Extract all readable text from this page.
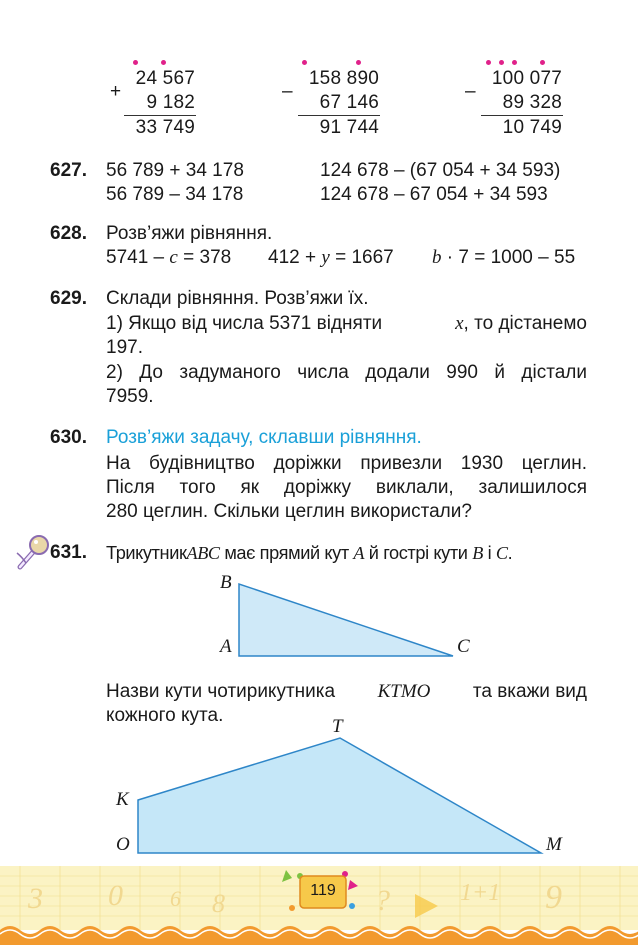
+
24 567
9 182
33 749
–
158 890
67 146
91 744
–
100 077
89 328
10 749
627. 56 789 + 34 178
56 789 – 34 178
124 678 – (67 054 + 34 593)
124 678 – 67 054 + 34 593
628. Розв’яжи рівняння.
5741 – c = 378 412 + y = 1667 b · 7 = 1000 – 55
629. Склади рівняння. Розв’яжи їх.
1) Якщо від числа 5371 відняти	x, то дістанемо
197.
2) До задуманого числа додали 990 й дістали
7959.
630. Розв’яжи задачу, склавши рівняння.
На будівництво доріжки привезли 1930 цеглин.
Після того як доріжку виклали, залишилося
280 цеглин. Скільки цеглин використали?
631. ТрикутникABC має прямий кут A й гострі кути B і C.
B
A	C
Назви кути чотирикутника KTMO та вкажи вид
кожного кута.
T
K
O	M
3 0 6 8	?	1+1 9
119
